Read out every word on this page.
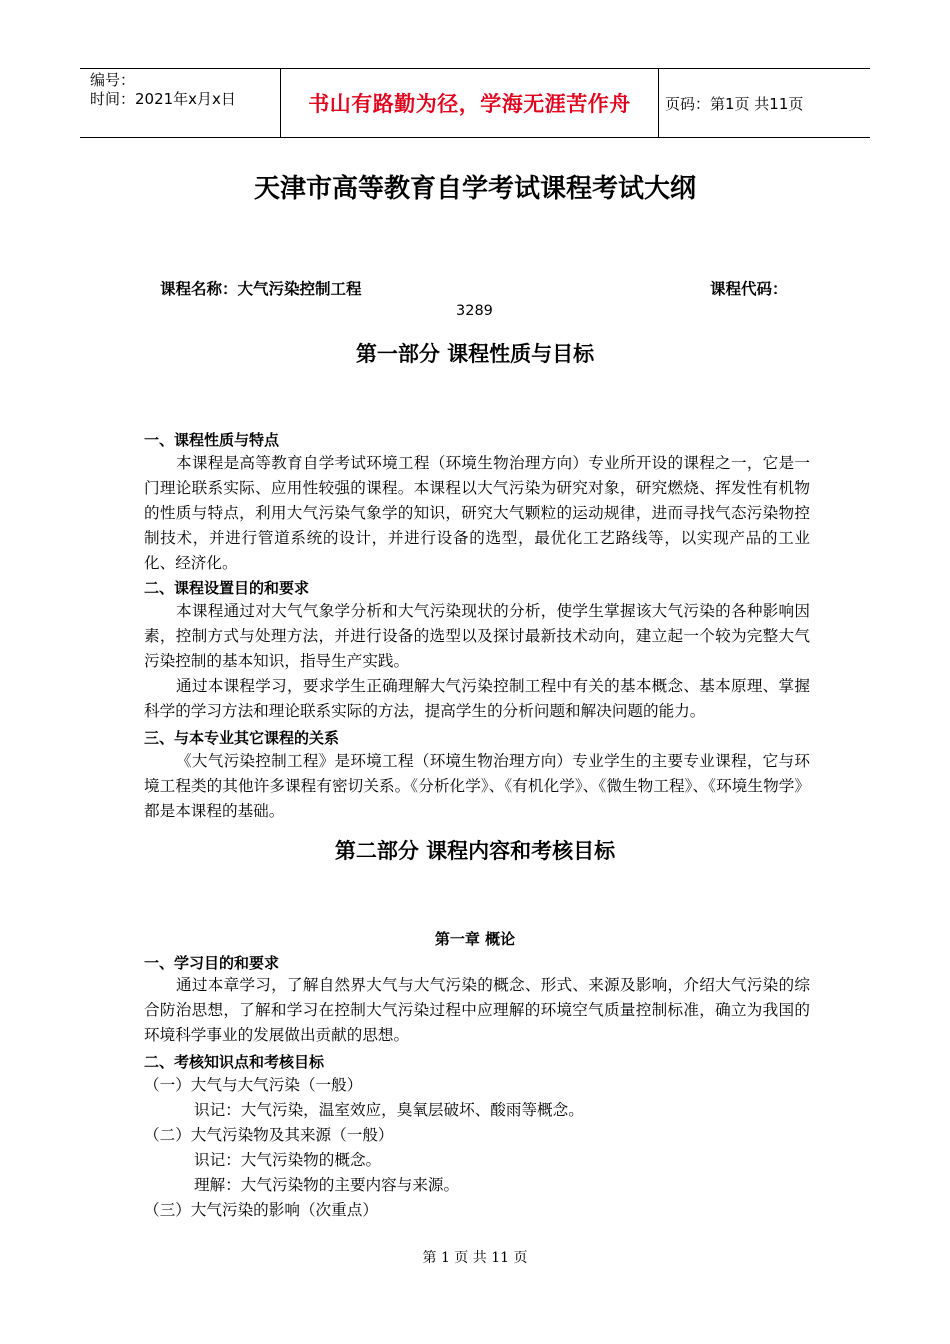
编号：
时间：2021年x月x日	书山有路勤为径，学海无涯苦作舟	页码：第1页 共11页
天津市高等教育自学考试课程考试大纲
课程名称：大气污染控制工程	课程代码：
3289
第一部分 课程性质与目标
一、课程性质与特点
本课程是高等教育自学考试环境工程（环境生物治理方向）专业所开设的课程之一，它是一门理论联系实际、应用性较强的课程。本课程以大气污染为研究对象，研究燃烧、挥发性有机物的性质与特点，利用大气污染气象学的知识，研究大气颗粒的运动规律，进而寻找气态污染物控制技术，并进行管道系统的设计，并进行设备的选型，最优化工艺路线等，以实现产品的工业化、经济化。
二、课程设置目的和要求
本课程通过对大气气象学分析和大气污染现状的分析，使学生掌握该大气污染的各种影响因素，控制方式与处理方法，并进行设备的选型以及探讨最新技术动向，建立起一个较为完整大气污染控制的基本知识，指导生产实践。
通过本课程学习，要求学生正确理解大气污染控制工程中有关的基本概念、基本原理、掌握科学的学习方法和理论联系实际的方法，提高学生的分析问题和解决问题的能力。
三、与本专业其它课程的关系
《大气污染控制工程》是环境工程（环境生物治理方向）专业学生的主要专业课程，它与环境工程类的其他许多课程有密切关系。《分析化学》、《有机化学》、《微生物工程》、《环境生物学》都是本课程的基础。
第二部分 课程内容和考核目标
第一章 概论
一、学习目的和要求
通过本章学习，了解自然界大气与大气污染的概念、形式、来源及影响，介绍大气污染的综合防治思想，了解和学习在控制大气污染过程中应理解的环境空气质量控制标准，确立为我国的环境科学事业的发展做出贡献的思想。
二、考核知识点和考核目标
（一）大气与大气污染（一般）
识记：大气污染，温室效应，臭氧层破坏、酸雨等概念。
（二）大气污染物及其来源（一般）
识记：大气污染物的概念。
理解：大气污染物的主要内容与来源。
（三）大气污染的影响（次重点）
第 1 页 共 11 页
